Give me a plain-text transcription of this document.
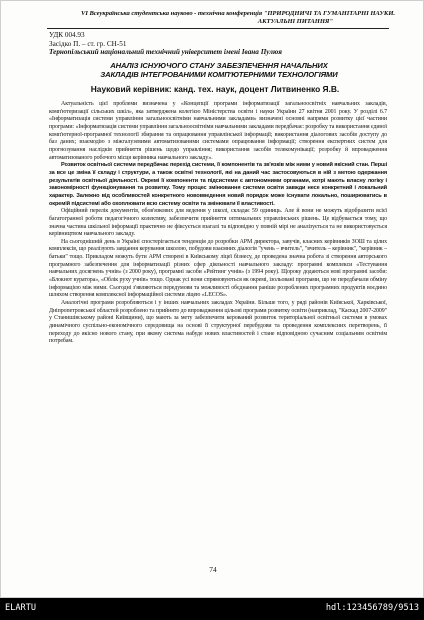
VI Всеукраїнська студентська науково - технічна конференція "ПРИРОДНИЧІ ТА ГУМАНІТАРНІ НАУКИ.
АКТУАЛЬНІ ПИТАННЯ"
УДК 004.93
Засідко П. – ст. гр. СН-51
Тернопільський національний технічний університет імені Івана Пулюя
АНАЛІЗ ІСНУЮЧОГО СТАНУ ЗАБЕЗПЕЧЕННЯ НАЧАЛЬНИХ
ЗАКЛАДІВ ІНТЕГРОВАНИМИ КОМП'ЮТЕРНИМИ ТЕХНОЛОГІЯМИ
Науковий керівник: канд. тех. наук, доцент Литвиненко Я.В.

Актуальність цієї проблеми визначена у «Концепції програми інформатизації загальноосвітніх навчальних закладів, комп'ютеризації сільських шкіл», яка затверджена колегією Міністерства освіти і науки України 27 квітня 2001 року. У розділі 6.7 «Інформатизація системи управління загальноосвітніми навчальними закладами» визначені основні напрями розвитку цієї частини програми: «Інформатизація системи управління загальноосвітніми навчальними закладами передбачає: розробку та використання єдиної комп'ютерної-програмної технології збирання та опрацювання управлінської інформації; використання діалогових засобів доступу до баз даних; взаємодію з міжгалузевими автоматизованими системами опрацювання інформації; створення експертних систем для прогнозування наслідків прийняття рішень щодо управління; використання засобів телекомунікації; розробку й впровадження автоматизованого робочого місця керівника навчального закладу».

Розвиток освітньої системи передбачає перехід системи, її компонентів та зв'язків між ними у новий якісний стан. Перші за все це зміна її складу і структури, а також освітні технології, які на даний час застосовуються в ній з метою одержання результатів освітньої діяльності. Окремі її компоненти та підсистеми є автономними органами, котрі мають власну логіку і закономірності функціонування та розвитку. Тому процес змінювання системи освіти завжди несе конкретний і локальний характер. Залежно від особливостей конкретного нововведення новий порядок може існувати локально, поширюватись в окремій підсистемі або охоплювати всю систему освіти та змінювати її властивості.

Офіційний перелік документів, обов'язкових для ведення у школі, складає 59 одиниць. Але й вони не можуть відобразити всієї багатогранної роботи педагогічного колективу, забезпечити прийняття оптимальних управлінських рішень. Це відбувається тому, що значна частина шкільної інформації практично не фіксується взагалі та відповідно у повній мірі не аналізується та не використовується керівництвом навчального закладу.

На сьогоднішній день в Україні спостерігається тенденція до розробки АРМ директора, завучів, класних керівників ЗОШ та цілих комплексів, що реалізують завдання керування школою, побудови взаємних діалогів "учень – вчитель", "вчитель – керівник", "керівник – батьки" тощо. Прикладом можуть бути АРМ створені в Київському ліцеї бізнесу, де проведена значна робота зі створення авторського програмного забезпечення для інформатизації різних сфер діяльності навчального закладу: програмні комплекси «Тестування навчальних досягнень учнів» (з 2000 року), програмні засоби «Рейтинг учнів» (з 1994 року). Щороку додаються нові програмні засоби: «Блокнот куратора», «Облік руху учнів» тощо. Однак усі вони спрямовуються як окремі, ізольовані програми, що не передбачали обміну інформацією між ними. Сьогодні з'являються передумови та можливості обєднання раніше розроблених програмних продуктів воєдино шляхом створення комплексної інформаційної системи ліцею «LECOS».

Аналогічні програми розробляються і у інших навчальних закладах України. Більше того, у ряді районів Київської, Харківської, Дніпропетровської областей розроблено та прийнято до впровадження цільові програми розвитку освіти (наприклад, "Каскад 2007-2009" у Станишівському районі Київщини), що мають за мету забезпечити керований розвиток територіальної освітньої системи в умовах динамічного суспільно-економічного середовища на основі її структурної перебудови та проведення комплексних перетворень, її переходу до якісно нового стану, при якому система набуде нових властивостей і стане відповідною сучасним соціальним освітнім потребам.

74
ELARTU	hdl:123456789/9513
